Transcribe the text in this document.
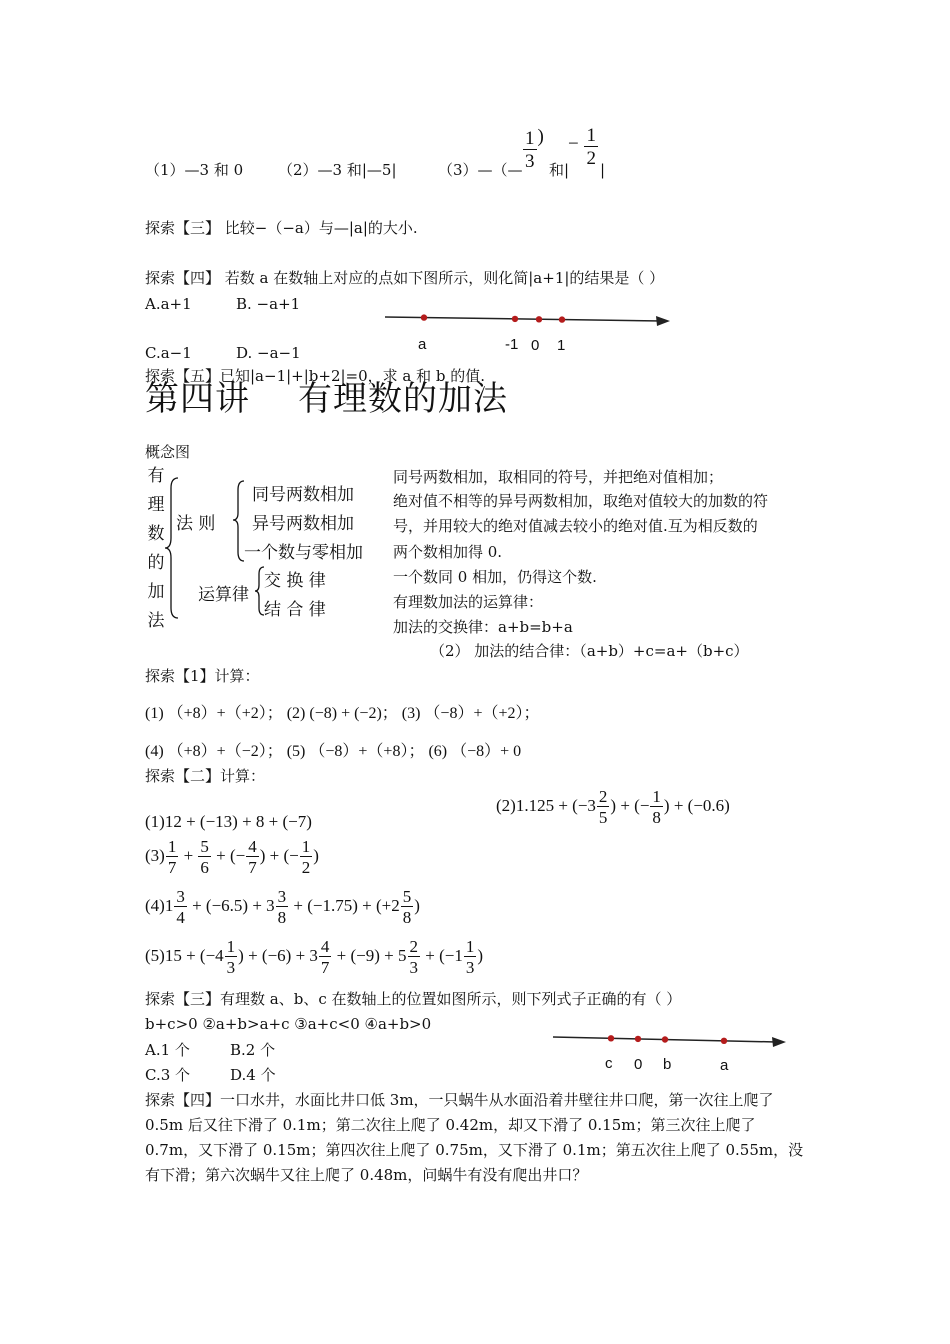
（1）—3 和 0 （2）—3 和|—5|	（3）—（— $\frac{1}{3}$ )
和|
− $\frac{1}{2}$
|
探索【三】 比较−（−a）与—|a|的大小.
探索【四】 若数 a 在数轴上对应的点如下图所示，则化简|a+1|的结果是（ ）
A.a+1	B. −a+1
C.a−1	D. −a−1	a	-1 0 1
探索【五】已知|a−1|+|b+2|=0，求 a 和 b 的值.
第四讲 有理数的加法
概念图
有
理
数
的
加
法
法 则
同号两数相加
异号两数相加
一个数与零相加
运算律
交 换 律
结 合 律
同号两数相加，取相同的符号，并把绝对值相加；
绝对值不相等的异号两数相加，取绝对值较大的加数的符
号，并用较大的绝对值减去较小的绝对值.互为相反数的
两个数相加得 0.
一个数同 0 相加，仍得这个数.
有理数加法的运算律：
加法的交换律：a+b=b+a
（2） 加法的结合律：（a+b）+c=a+（b+c）
探索【1】计算：
(1) （+8）+（+2）； (2) (−8) + (−2)； (3) （−8）+（+2）；
(4) （+8）+（−2）； (5) （−8）+（+8）； (6) （−8）+ 0
探索【二】计算：
$(2)1.125 + (-3 \frac{2}{5}$ ) + (− $\frac{1}{8}$ ) + (−0.6)
(1)12 + (−13) + 8 + (−7)
$(3) \frac{1}{7} + \frac{5}{6}$ + (− $\frac{4}{7}$ ) + (− $\frac{1}{2}$ )
$(4)1 \frac{3}{4} + (-6.5) + 3 \frac{3}{8} + (-1.75) + (+2 \frac{5}{8}$ )
$(5)15 + (-4 \frac{1}{3}$ ) + $(-6) + 3 \frac{4}{7} + (-9) + 5 \frac{2}{3} + (-1 \frac{1}{3}$ )
探索【三】有理数 a、b、c 在数轴上的位置如图所示，则下列式子正确的有（ ）
b+c>0 ②a+b>a+c ③a+c<0 ④a+b>0
A.1 个	B.2 个
C.3 个	D.4 个
c 0 b	a
探索【四】一口水井，水面比井口低 3m，一只蜗牛从水面沿着井壁往井口爬，第一次往上爬了 0.5m 后又往下滑了 0.1m；第二次往上爬了 0.42m，却又下滑了 0.15m；第三次往上爬了 0.7m，又下滑了 0.15m；第四次往上爬了 0.75m，又下滑了 0.1m；第五次往上爬了 0.55m，没有下滑；第六次蜗牛又往上爬了 0.48m，问蜗牛有没有爬出井口？
